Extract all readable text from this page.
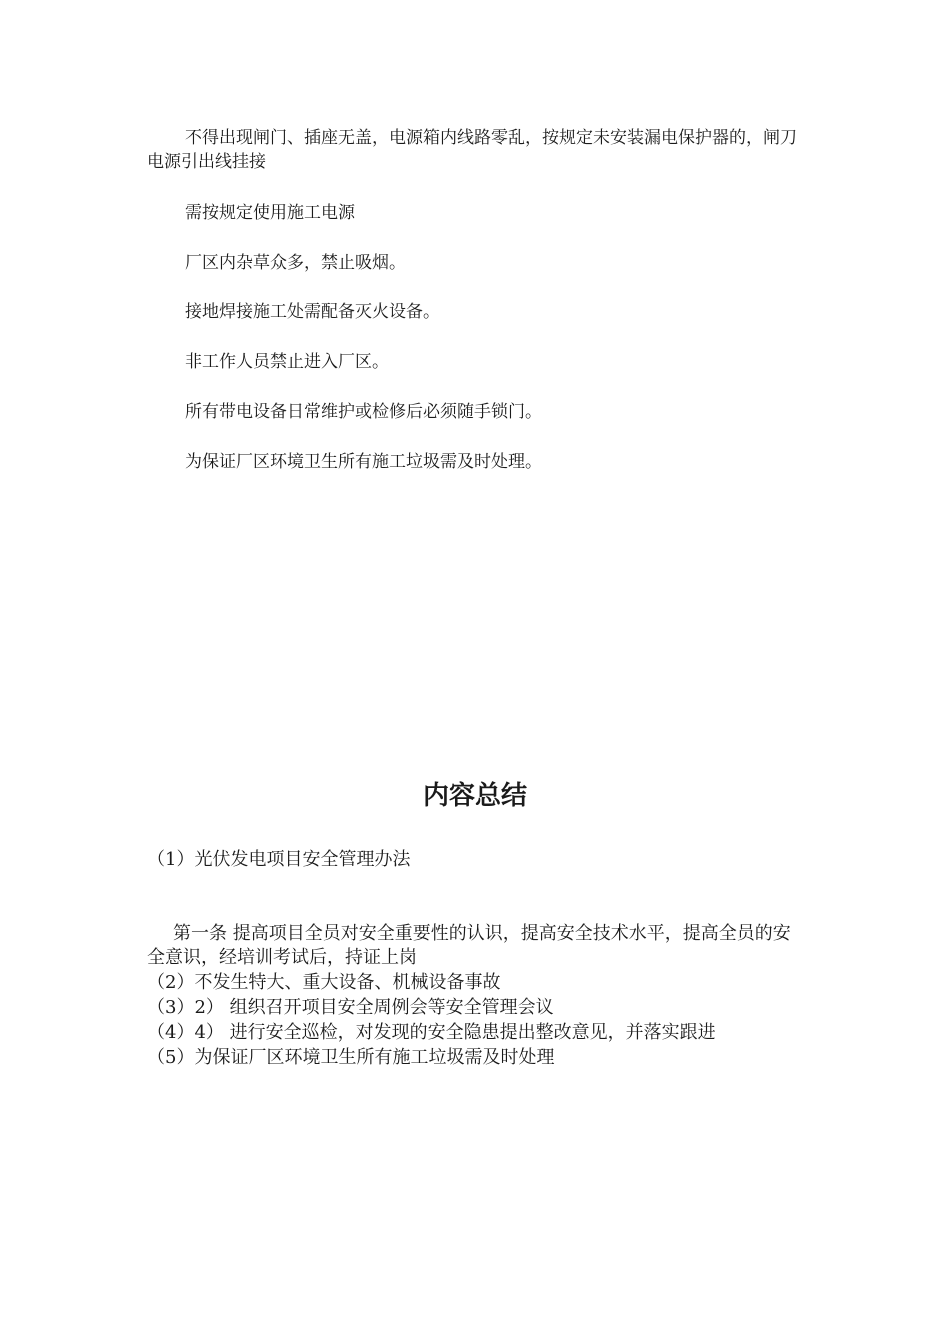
不得出现闸门、插座无盖，电源箱内线路零乱，按规定未安装漏电保护器的，闸刀电源引出线挂接

需按规定使用施工电源

厂区内杂草众多，禁止吸烟。

接地焊接施工处需配备灭火设备。

非工作人员禁止进入厂区。

所有带电设备日常维护或检修后必须随手锁门。

为保证厂区环境卫生所有施工垃圾需及时处理。

内容总结

（1）光伏发电项目安全管理办法

第一条 提高项目全员对安全重要性的认识，提高安全技术水平，提高全员的安全意识，经培训考试后，持证上岗

（2）不发生特大、重大设备、机械设备事故

（3）2） 组织召开项目安全周例会等安全管理会议

（4）4） 进行安全巡检，对发现的安全隐患提出整改意见，并落实跟进

（5）为保证厂区环境卫生所有施工垃圾需及时处理
